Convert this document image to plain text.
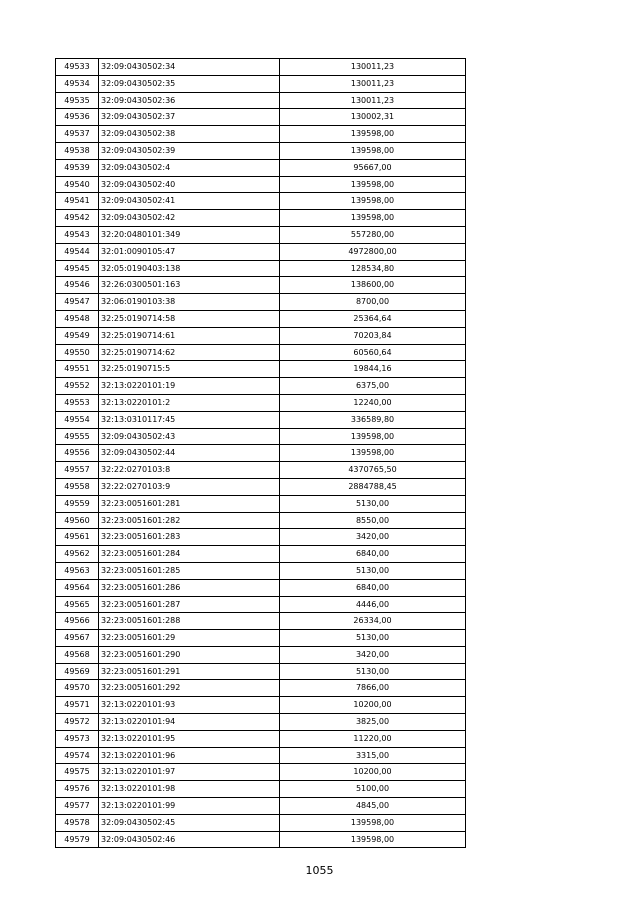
49533	32:09:0430502:34	130011,23
49534	32:09:0430502:35	130011,23
49535	32:09:0430502:36	130011,23
49536	32:09:0430502:37	130002,31
49537	32:09:0430502:38	139598,00
49538	32:09:0430502:39	139598,00
49539	32:09:0430502:4	95667,00
49540	32:09:0430502:40	139598,00
49541	32:09:0430502:41	139598,00
49542	32:09:0430502:42	139598,00
49543	32:20:0480101:349	557280,00
49544	32:01:0090105:47	4972800,00
49545	32:05:0190403:138	128534,80
49546	32:26:0300501:163	138600,00
49547	32:06:0190103:38	8700,00
49548	32:25:0190714:58	25364,64
49549	32:25:0190714:61	70203,84
49550	32:25:0190714:62	60560,64
49551	32:25:0190715:5	19844,16
49552	32:13:0220101:19	6375,00
49553	32:13:0220101:2	12240,00
49554	32:13:0310117:45	336589,80
49555	32:09:0430502:43	139598,00
49556	32:09:0430502:44	139598,00
49557	32:22:0270103:8	4370765,50
49558	32:22:0270103:9	2884788,45
49559	32:23:0051601:281	5130,00
49560	32:23:0051601:282	8550,00
49561	32:23:0051601:283	3420,00
49562	32:23:0051601:284	6840,00
49563	32:23:0051601:285	5130,00
49564	32:23:0051601:286	6840,00
49565	32:23:0051601:287	4446,00
49566	32:23:0051601:288	26334,00
49567	32:23:0051601:29	5130,00
49568	32:23:0051601:290	3420,00
49569	32:23:0051601:291	5130,00
49570	32:23:0051601:292	7866,00
49571	32:13:0220101:93	10200,00
49572	32:13:0220101:94	3825,00
49573	32:13:0220101:95	11220,00
49574	32:13:0220101:96	3315,00
49575	32:13:0220101:97	10200,00
49576	32:13:0220101:98	5100,00
49577	32:13:0220101:99	4845,00
49578	32:09:0430502:45	139598,00
49579	32:09:0430502:46	139598,00
1055
